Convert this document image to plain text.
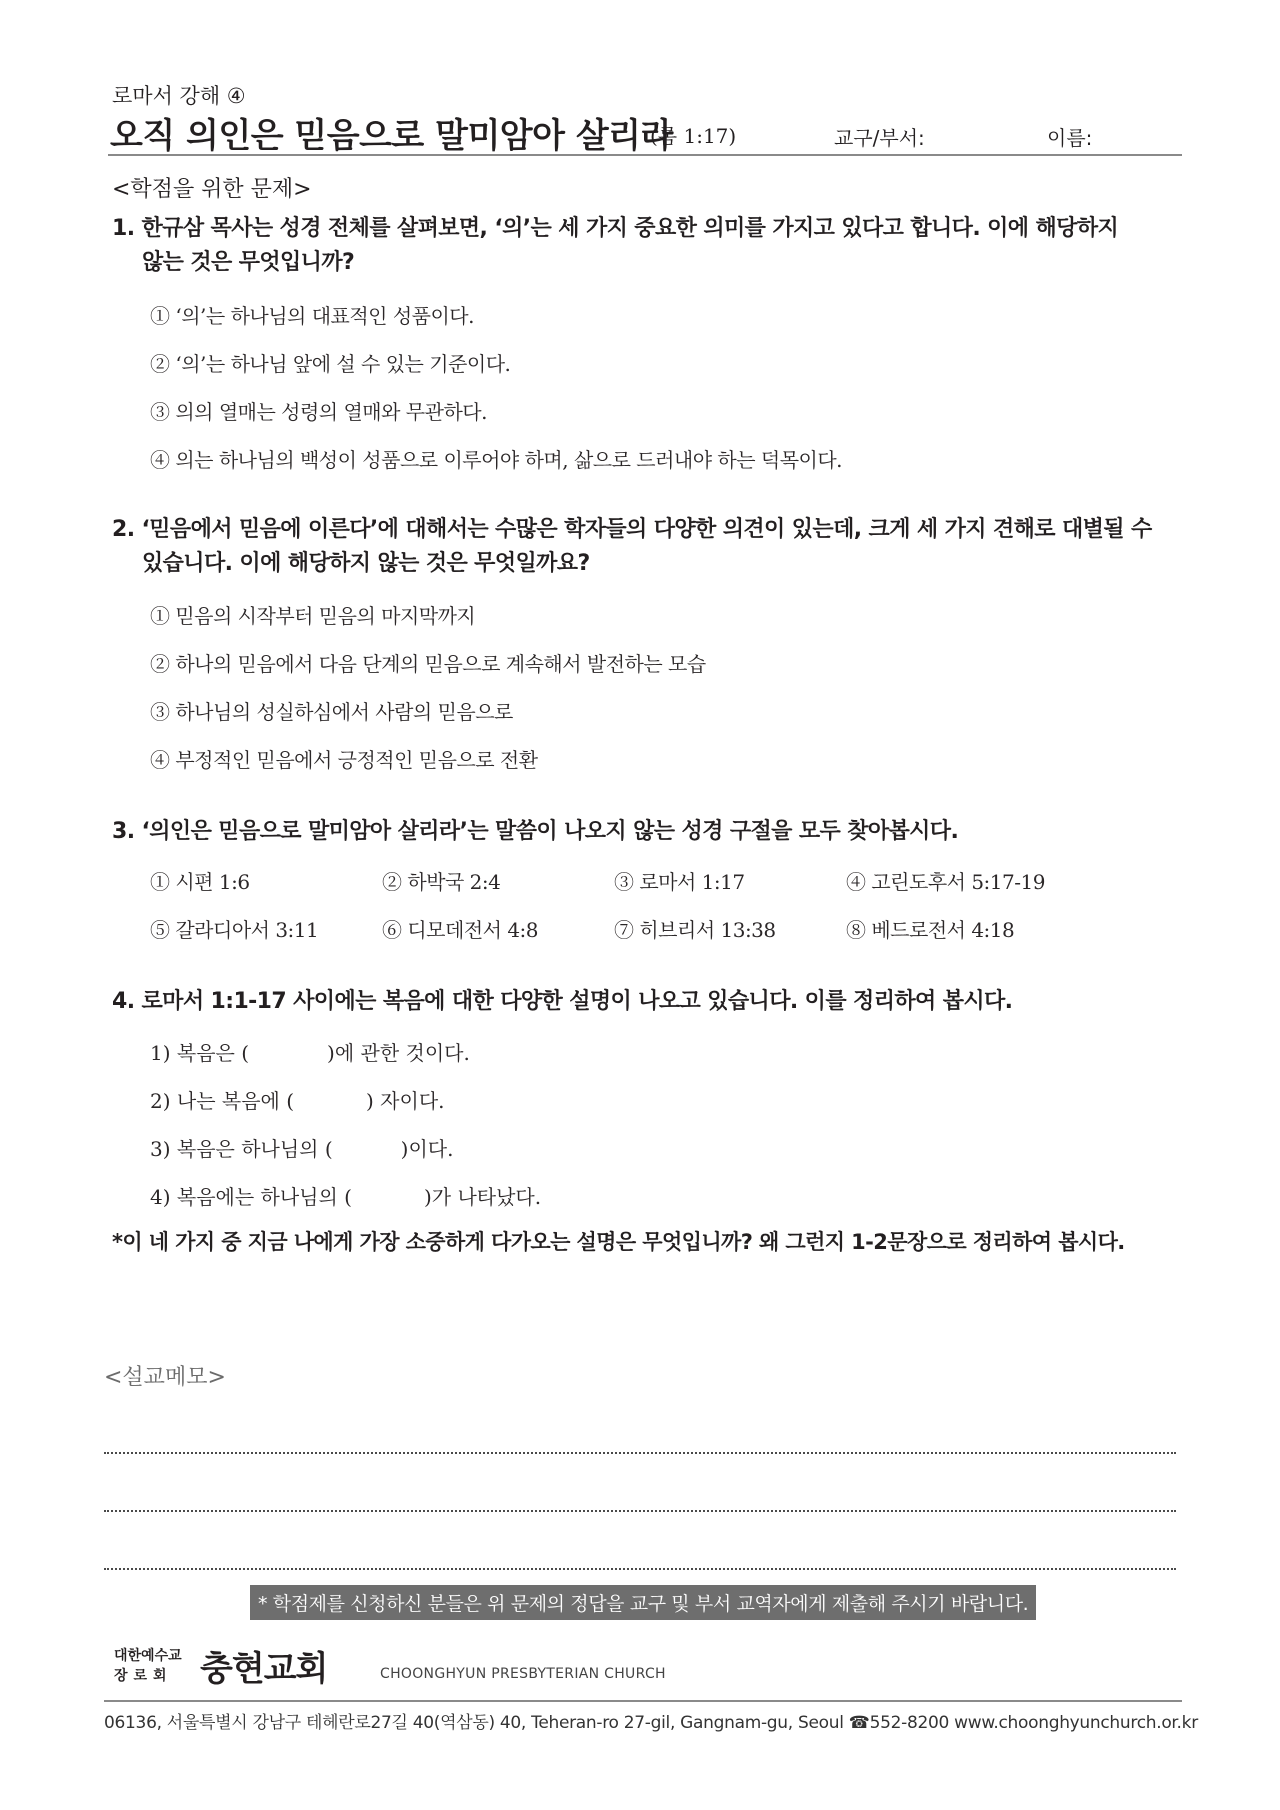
로마서 강해 ④
오직 의인은 믿음으로 말미암아 살리라
(롬 1:17)	교구/부서:	이름:
<학점을 위한 문제>
1. 한규삼 목사는 성경 전체를 살펴보면, ‘의’는 세 가지 중요한 의미를 가지고 있다고 합니다. 이에 해당하지
않는 것은 무엇입니까?
① ‘의’는 하나님의 대표적인 성품이다.
② ‘의’는 하나님 앞에 설 수 있는 기준이다.
③ 의의 열매는 성령의 열매와 무관하다.
④ 의는 하나님의 백성이 성품으로 이루어야 하며, 삶으로 드러내야 하는 덕목이다.
2. ‘믿음에서 믿음에 이른다’에 대해서는 수많은 학자들의 다양한 의견이 있는데, 크게 세 가지 견해로 대별될 수
있습니다. 이에 해당하지 않는 것은 무엇일까요?
① 믿음의 시작부터 믿음의 마지막까지
② 하나의 믿음에서 다음 단계의 믿음으로 계속해서 발전하는 모습
③ 하나님의 성실하심에서 사람의 믿음으로
④ 부정적인 믿음에서 긍정적인 믿음으로 전환
3. ‘의인은 믿음으로 말미암아 살리라’는 말씀이 나오지 않는 성경 구절을 모두 찾아봅시다.
① 시편 1:6	② 하박국 2:4	③ 로마서 1:17	④ 고린도후서 5:17-19
⑤ 갈라디아서 3:11	⑥ 디모데전서 4:8	⑦ 히브리서 13:38	⑧ 베드로전서 4:18
4. 로마서 1:1-17 사이에는 복음에 대한 다양한 설명이 나오고 있습니다. 이를 정리하여 봅시다.
1) 복음은 (	)에 관한 것이다.
2) 나는 복음에 (	) 자이다.
3) 복음은 하나님의 (	)이다.
4) 복음에는 하나님의 (	)가 나타났다.
*이 네 가지 중 지금 나에게 가장 소중하게 다가오는 설명은 무엇입니까? 왜 그런지 1-2문장으로 정리하여 봅시다.
<설교메모>
* 학점제를 신청하신 분들은 위 문제의 정답을 교구 및 부서 교역자에게 제출해 주시기 바랍니다.
대한예수교
장로회 충현교회	CHOONGHYUN PRESBYTERIAN CHURCH
06136, 서울특별시 강남구 테헤란로27길 40(역삼동) 40, Teheran-ro 27-gil, Gangnam-gu, Seoul ☎552-8200 www.choonghyunchurch.or.kr
